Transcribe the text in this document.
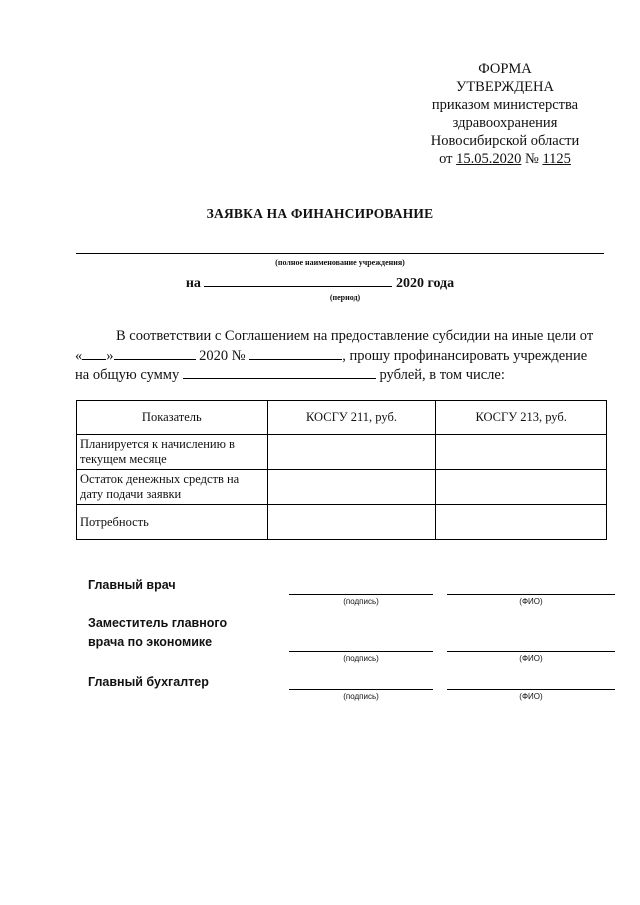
ФОРМА
УТВЕРЖДЕНА
приказом министерства
здравоохранения
Новосибирской области
от 15.05.2020 № 1125
ЗАЯВКА НА ФИНАНСИРОВАНИЕ
(полное наименование учреждения)
на	2020 года
(период)
В соответствии с Соглашением на предоставление субсидии на иные цели от
« »	2020 №	, прошу профинансировать учреждение
на общую сумму	рублей, в том числе:
Показатель	КОСГУ 211, руб.	КОСГУ 213, руб.
Планируется к начислению в текущем месяце		
Остаток денежных средств на дату подачи заявки		
Потребность		
Главный врач
(подпись)	(ФИО)
Заместитель главного
врача по экономике
(подпись)	(ФИО)
Главный бухгалтер
(подпись)	(ФИО)
